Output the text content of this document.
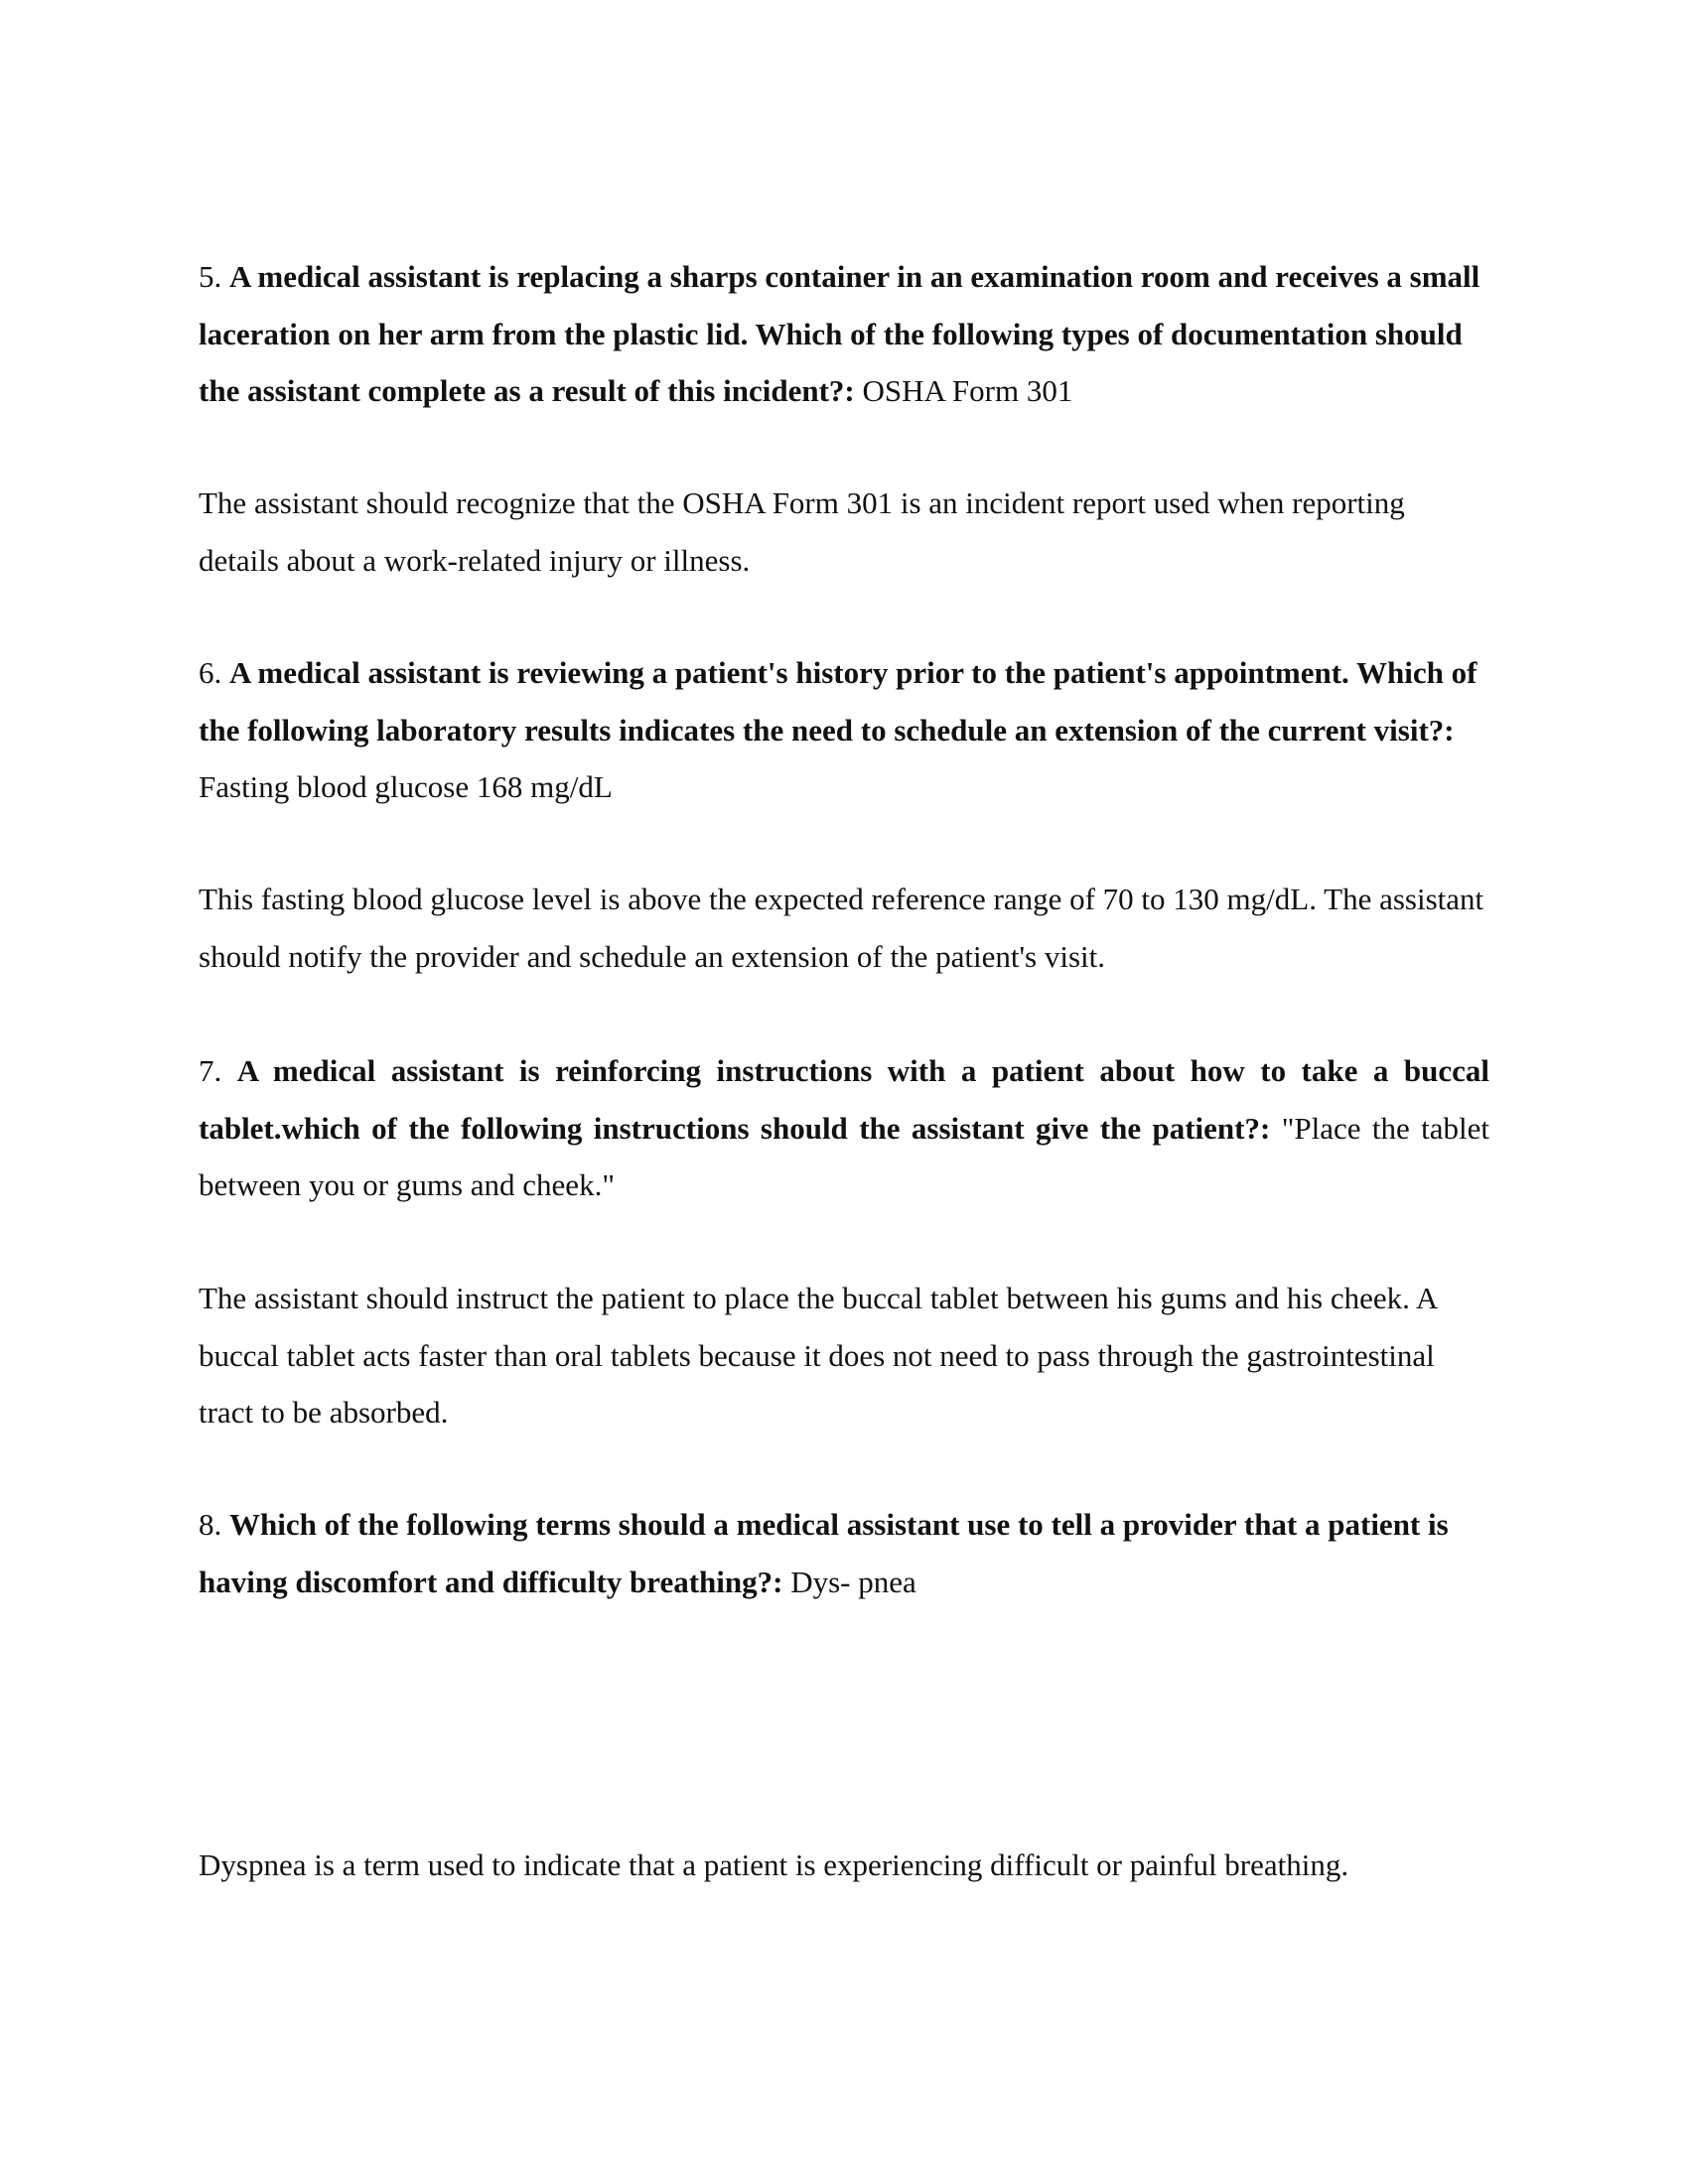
5. A medical assistant is replacing a sharps container in an examination room and receives a small laceration on her arm from the plastic lid. Which of the following types of documentation should the assistant complete as a result of this incident?: OSHA Form 301

The assistant should recognize that the OSHA Form 301 is an incident report used when reporting details about a work-related injury or illness.

6. A medical assistant is reviewing a patient's history prior to the patient's appointment. Which of the following laboratory results indicates the need to schedule an extension of the current visit?: Fasting blood glucose 168 mg/dL

This fasting blood glucose level is above the expected reference range of 70 to 130 mg/dL. The assistant should notify the provider and schedule an extension of the patient's visit.

7. A medical assistant is reinforcing instructions with a patient about how to take a buccal tablet.which of the following instructions should the assistant give the patient?: "Place the tablet between you or gums and cheek."

The assistant should instruct the patient to place the buccal tablet between his gums and his cheek. A buccal tablet acts faster than oral tablets because it does not need to pass through the gastrointestinal tract to be absorbed.

8. Which of the following terms should a medical assistant use to tell a provider that a patient is having discomfort and difficulty breathing?: Dys- pnea

Dyspnea is a term used to indicate that a patient is experiencing difficult or painful breathing.
